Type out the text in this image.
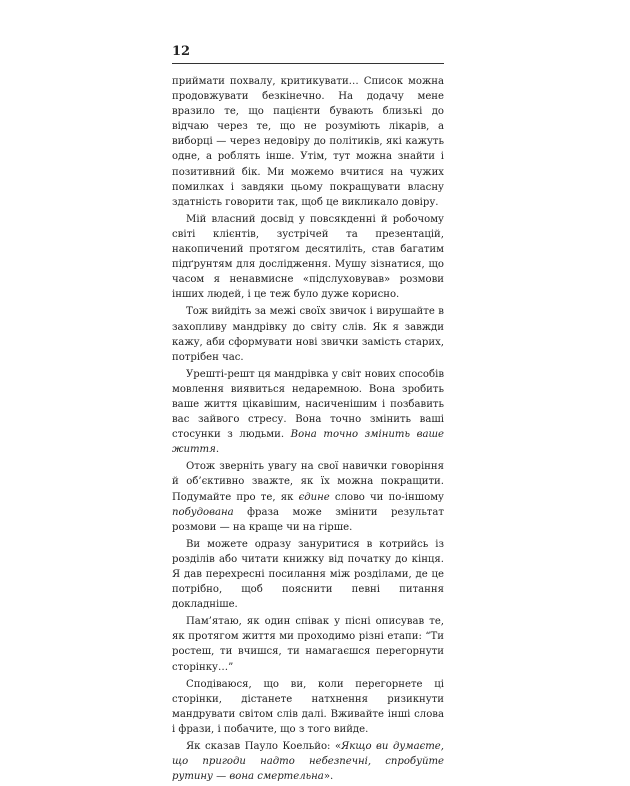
12

приймати похвалу, критикувати… Список можна продовжувати безкінечно. На додачу мене вразило те, що пацієнти бувають близькі до відчаю через те, що не розуміють лікарів, а виборці — через недовіру до політиків, які кажуть одне, а роблять інше. Утім, тут можна знайти і позитивний бік. Ми можемо вчитися на чужих помилках і завдяки цьому покращувати власну здатність говорити так, щоб це викликало довіру.

Мій власний досвід у повсякденні й робочому світі клієнтів, зустрічей та презентацій, накопичений протягом десятиліть, став багатим підґрунтям для дослідження. Мушу зізнатися, що часом я ненавмисне «підслуховував» розмови інших людей, і це теж було дуже корисно.

Тож вийдіть за межі своїх звичок і вирушайте в захопливу мандрівку до світу слів. Як я завжди кажу, аби сформувати нові звички замість старих, потрібен час.

Урешті-решт ця мандрівка у світ нових способів мовлення виявиться недаремною. Вона зробить ваше життя цікавішим, насиченішим і позбавить вас зайвого стресу. Вона точно змінить ваші стосунки з людьми. Вона точно змінить ваше життя.

Отож зверніть увагу на свої навички говоріння й об’єктивно зважте, як їх можна покращити. Подумайте про те, як єдине слово чи по-іншому побудована фраза може змінити результат розмови — на краще чи на гірше.

Ви можете одразу зануритися в котрийсь із розділів або читати книжку від початку до кінця. Я дав перехресні посилання між розділами, де це потрібно, щоб пояснити певні питання докладніше.

Пам’ятаю, як один співак у пісні описував те, як протягом життя ми проходимо різні етапи: “Ти ростеш, ти вчишся, ти намагаєшся перегорнути сторінку…”

Сподіваюся, що ви, коли перегорнете ці сторінки, дістанете натхнення ризикнути мандрувати світом слів далі. Вживайте інші слова і фрази, і побачите, що з того вийде.

Як сказав Пауло Коельйо: «Якщо ви думаєте, що пригоди надто небезпечні, спробуйте рутину — вона смертельна».
